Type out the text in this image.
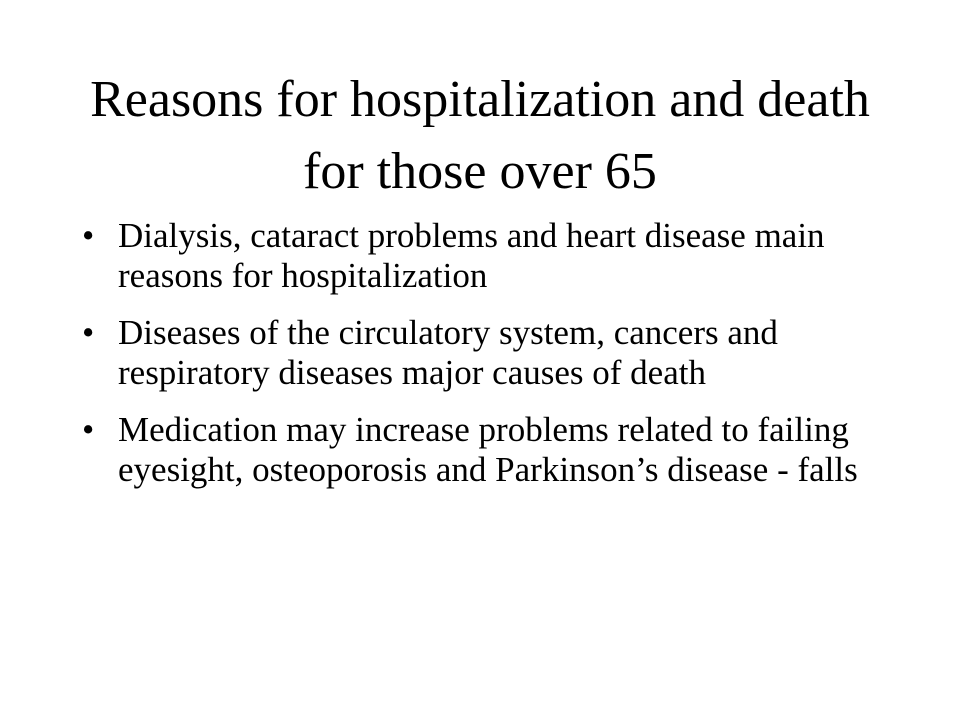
Reasons for hospitalization and death for those over 65
• Dialysis, cataract problems and heart disease main reasons for hospitalization
• Diseases of the circulatory system, cancers and respiratory diseases major causes of death
• Medication may increase problems related to failing eyesight, osteoporosis and Parkinson’s disease - falls
